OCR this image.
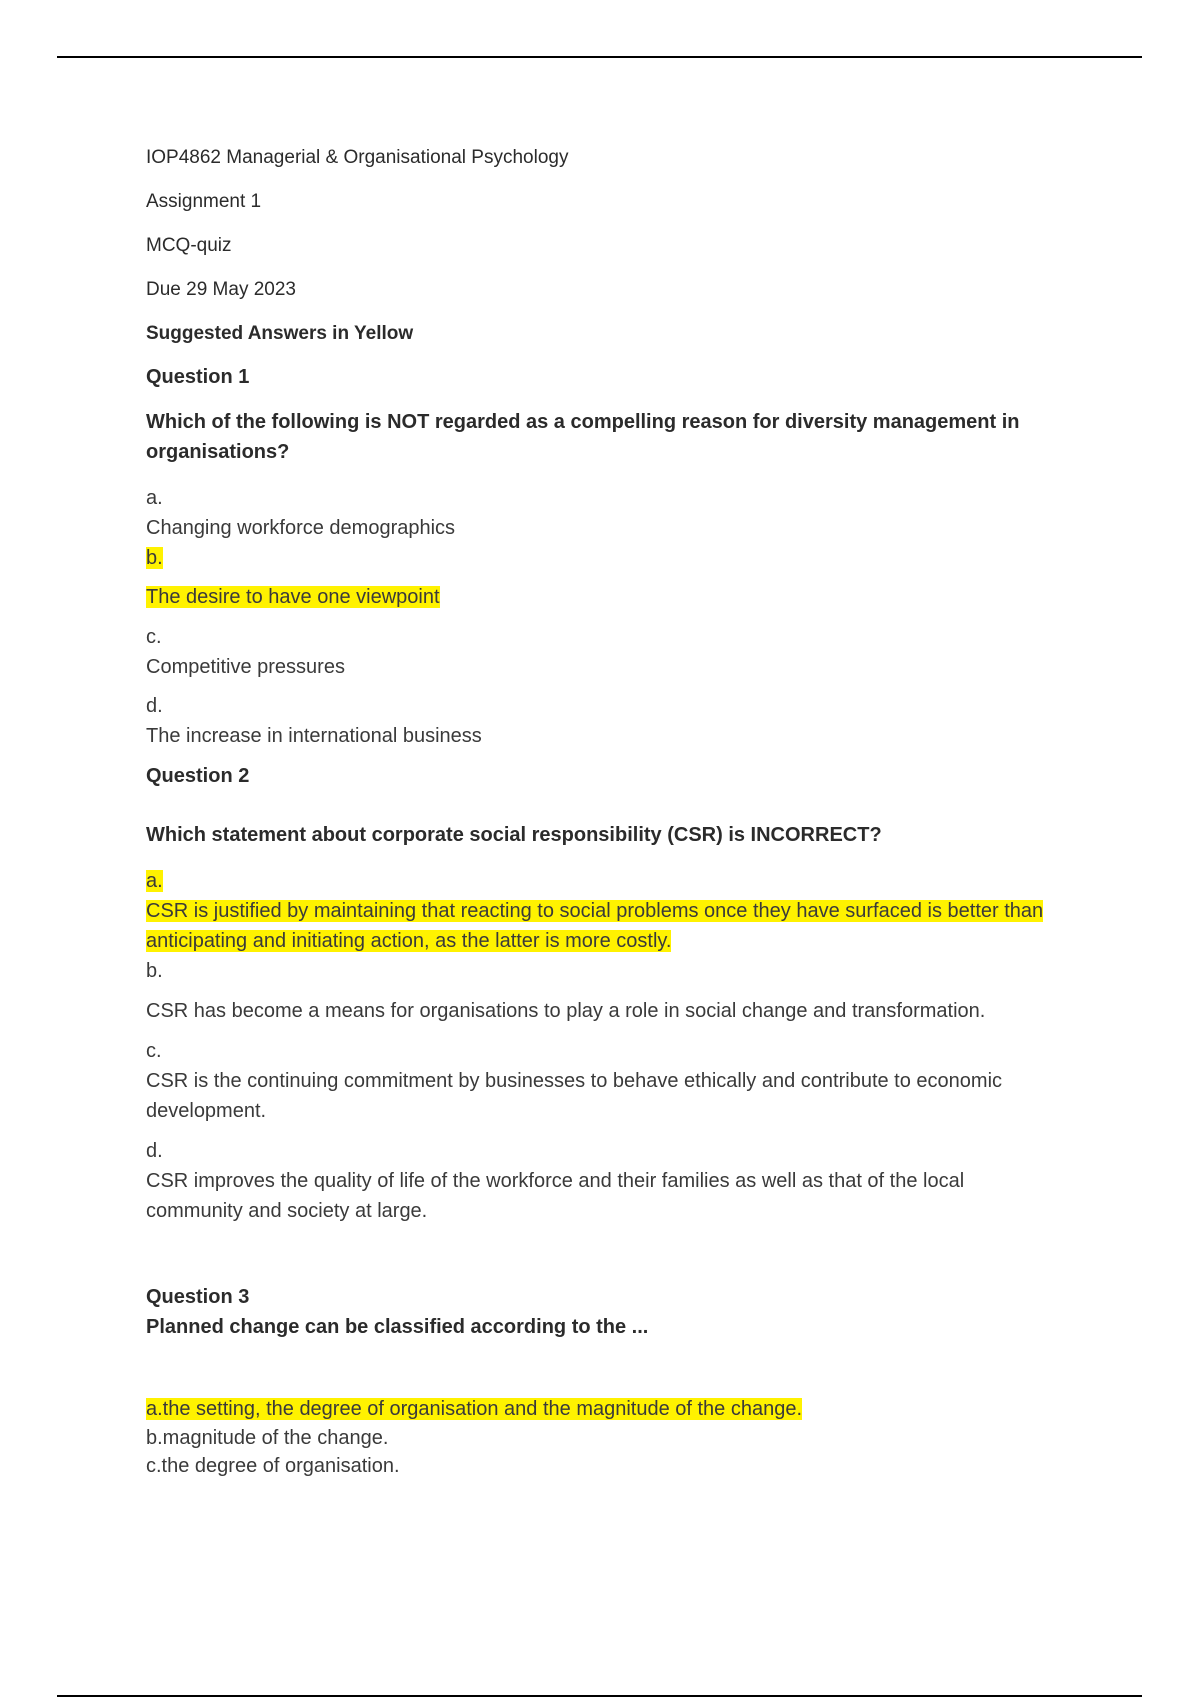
IOP4862 Managerial & Organisational Psychology

Assignment 1

MCQ-quiz

Due 29 May 2023

Suggested Answers in Yellow

Question 1

Which of the following is NOT regarded as a compelling reason for diversity management in organisations?

a.

Changing workforce demographics

b.

The desire to have one viewpoint

c.

Competitive pressures

d.

The increase in international business

Question 2

Which statement about corporate social responsibility (CSR) is INCORRECT?

a.

CSR is justified by maintaining that reacting to social problems once they have surfaced is better than anticipating and initiating action, as the latter is more costly.

b.

CSR has become a means for organisations to play a role in social change and transformation.

c.

CSR is the continuing commitment by businesses to behave ethically and contribute to economic development.

d.

CSR improves the quality of life of the workforce and their families as well as that of the local community and society at large.

Question 3

Planned change can be classified according to the ...

a.the setting, the degree of organisation and the magnitude of the change.

b.magnitude of the change.

c.the degree of organisation.
